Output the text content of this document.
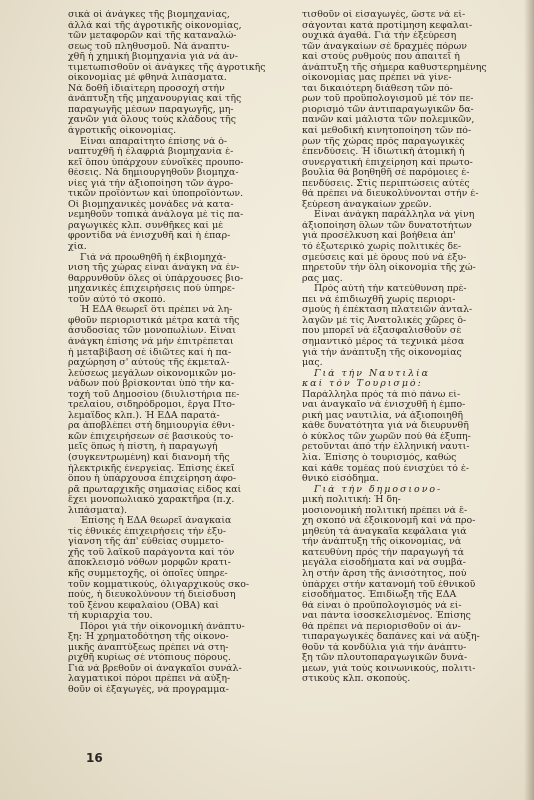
σικά οἱ ἀνάγκες τῆς βιομηχανίας,
ἀλλά καί τῆς ἀγροτικῆς οἰκονομίας,
τῶν μεταφορῶν καί τῆς καταναλώ-
σεως τοῦ πληθυσμοῦ. Νά ἀναπτυ-
χθῆ ἡ χημική βιομηχανία γιά νά ἀν-
τιμετωπισθοῦν οἱ ἀνάγκες τῆς ἀγροτικῆς
οἰκονομίας μέ φθηνά λιπάσματα.
Νά δοθῆ ἰδιαίτερη προσοχή στήν
ἀνάπτυξη τῆς μηχανουργίας καί τῆς
παραγωγῆς μέσων παραγωγῆς, μη-
χανῶν γιά ὅλους τούς κλάδους τῆς
ἀγροτικῆς οἰκονομίας.

Εἶναι απαραίτητο ἐπίσης νά ὁ-
ναπτυχθῆ ἡ ἐλαφριά βιομηχανία ἐ-
κεῖ ὅπου ὑπάρχουν εὐνοϊκές προυπο-
θέσεις. Νά δημιουργηθοῦν βιομηχα-
νίες γιά τήν ἀξιοποίηση τῶν ἀγρο-
τικῶν προϊόντων καί ὑποπροϊόντων.
Οἱ βιομηχανικές μονάδες νά κατα-
νεμηθοῦν τοπικά ἀνάλογα μέ τίς πα-
ραγωγικές κλπ. συνθῆκες καί μέ
φροντίδα νά ἐνισχυθῆ καί ἡ ἐπαρ-
χία.

Γιά νά προωθηθῆ ἡ ἐκβιομηχά-
νιση τῆς χώρας εἶναι ἀνάγκη νά ἐν-
θαρρυνθοῦν ὅλες οἱ ὑπάρχουσες βιο-
μηχανικές ἐπιχειρήσεις πού ὑπηρε-
τοῦν αὐτό τό σκοπό.

Ἡ ΕΔΑ θεωρεῖ ὅτι πρέπει νά λη-
φθοῦν περιοριστικά μέτρα κατά τῆς
ἀσυδοσίας τῶν μονοπωλίων. Εἶναι
ἀνάγκη ἐπίσης νά μήν ἐπιτρέπεται
ἡ μεταβίβαση σέ ἰδιῶτες καί ἡ πα-
ραχώρηση σ' αὐτούς τῆς ἐκμεταλ-
λεύσεως μεγάλων οἰκονομικῶν μο-
νάδων πού βρίσκονται ὑπό τήν κα-
τοχή τοῦ Δημοσίου (διυλιστήρια πε-
τρελαίου, σιδηρόδρομοι, ἔργα Πτο-
λεμαΐδος κλπ.). Ἡ ΕΔΑ παρατά-
ρα ἀποβλέπει στή δημιουργία ἐθνι-
κῶν ἐπιχειρήσεων σέ βασικούς το-
μεῖς ὅπως ἡ πίστη, ἡ παραγωγή
(συγκεντρωμένη) καί διανομή τῆς
ἠλεκτρικῆς ἐνεργείας. Ἐπίσης ἐκεῖ
ὅπου ἡ ὑπάρχουσα ἐπιχείρηση ἀφο-
ρᾶ πρωταρχικῆς σημασίας εἶδος καί
ἔχει μονοπωλιακό χαρακτῆρα (π.χ.
λιπάσματα).

Ἐπίσης ἡ ΕΔΑ θεωρεῖ ἀναγκαία
τίς ἐθνικές ἐπιχειρήσεις τήν ἐξυ-
γίανση τῆς ἀπ' εὐθείας συμμετο-
χῆς τοῦ λαϊκοῦ παράγοντα καί τόν
ἀποκλεισμό νόθων μορφῶν κρατι-
κῆς συμμετοχῆς, οἱ ὁποῖες ὑπηρε-
τοῦν κομματικούς, ὀλιγαρχικούς σκο-
πούς, ἡ διευκολύνουν τή διείσδυση
τοῦ ξένου κεφαλαίου (ΟΒΑ) καί
τή κυριαρχία του.

Πόροι γιά τήν οἰκονομική ἀνάπτυ-
ξη: Ἡ χρηματοδότηση τῆς οἰκονο-
μικῆς ἀναπτύξεως πρέπει νά στη-
ριχθῆ κυρίως σέ ντόπιους πόρους.
Γιά νά βρεθοῦν οἱ ἀναγκαῖοι συνάλ-
λαγματικοί πόροι πρέπει νά αὐξη-
θοῦν οἱ ἐξαγωγές, νά προγραμμα-

τισθοῦν οἱ εἰσαγωγές, ὥστε νά εἰ-
σάγονται κατά προτίμηση κεφαλαι-
ουχικά ἀγαθά. Γιά τήν ἐξεύρεση
τῶν ἀναγκαίων σέ δραχμές πόρων
καί στούς ρυθμούς που ἀπαιτεῖ ἡ
ἀνάπτυξη τῆς σήμερα καθυστερημένης
οἰκονομίας μας πρέπει νά γίνε-
ται δικαιότερη διάθεση τῶν πό-
ρων τοῦ προϋπολογισμοῦ μέ τόν πε-
ριορισμό τῶν ἀντιπαραγωγικῶν δα-
πανῶν καί μάλιστα τῶν πολεμικῶν,
καί μεθοδική κινητοποίηση τῶν πό-
ρων τῆς χώρας πρός παραγωγικές
ἐπενδύσεις. Ἡ ἰδιωτική ἀτομική ἡ
συνεργατική ἐπιχείρηση καί πρωτο-
βουλία θά βοηθηθῆ σέ παρόμοιες ἐ-
πενδύσεις. Στίς περιπτώσεις αὐτές
θά πρέπει νά διευκολύνονται στήν ἐ-
ξεύρεση ἀναγκαίων χρεῶν.

Εἶναι ἀνάγκη παράλληλα νά γίνη
ἀξιοποίηση ὅλων τῶν δυνατοτήτων
γιά προσέλκυση καί βοήθεια ἀπ'
τό ἐξωτερικό χωρίς πολιτικές δε-
σμεύσεις καί μέ ὅρους πού νά ἐξυ-
πηρετοῦν τήν ὅλη οἰκονομία τῆς χώ-
ρας μας.

Πρός αὐτή τήν κατεύθυνση πρέ-
πει νά ἐπιδιωχθῆ χωρίς περιορι-
σμούς ἡ ἐπέκταση πλατειῶν ἀνταλ-
λαγῶν μέ τίς Ἀνατολικές χῶρες ὅ-
που μπορεῖ νά ἐξασφαλισθοῦν σέ
σημαντικό μέρος τά τεχνικά μέσα
γιά τήν ἀνάπτυξη τῆς οἰκονομίας
μας.

Γιά τήν Ναυτιλία
καί τόν Τουρισμό:
Παράλληλα πρός τά πιό πάνω εἶ-
ναι ἀναγκαῖο νά ἐνισχυθῆ ἡ ἐμπο-
ρική μας ναυτιλία, νά ἀξιοποιηθῆ
κάθε δυνατότητα γιά νά διευρυνθῆ
ὁ κύκλος τῶν χωρῶν πού θά ἐξυπη-
ρετοῦνται ἀπό τήν ἑλληνική ναυτι-
λία. Ἐπίσης ὁ τουρισμός, καθώς
καί κάθε τομέας πού ἐνισχύει τό ἐ-
θνικό εἰσόδημα.

Γιά τήν δημοσιονο-
μική πολιτική: Ἡ δη-
μοσιονομική πολιτική πρέπει νά ἔ-
χη σκοπό νά ἐξοικονομῆ καί νά προ-
μηθεύη τά ἀναγκαῖα κεφάλαια γιά
τήν ἀνάπτυξη τῆς οἰκονομίας, νά
κατευθύνη πρός τήν παραγωγή τά
μεγάλα εἰσοδήματα καί νά συμβά-
λη στήν ἄρση τῆς ἀνισότητος, πού
ὑπάρχει στήν κατανομή τοῦ ἐθνικοῦ
εἰσοδήματος. Ἐπιδίωξη τῆς ΕΔΑ
θά εἶναι ὁ προϋπολογισμός νά εἶ-
ναι πάντα ἰσοσκελισμένος. Ἐπίσης
θά πρέπει νά περιορισθοῦν οἱ ἀν-
τιπαραγωγικές δαπάνες καί νά αὐξη-
θοῦν τά κονδύλια γιά τήν ἀνάπτυ-
ξη τῶν πλουτοπαραγωγικῶν δυνά-
μεων, γιά τούς κοινωνικούς, πολιτι-
στικούς κλπ. σκοπούς.

16
